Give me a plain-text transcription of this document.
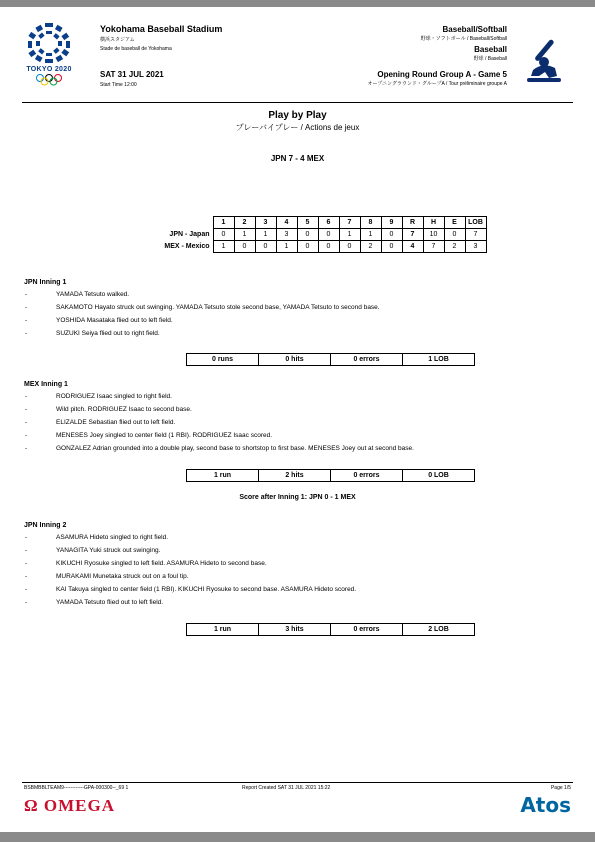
TOKYO 2020
Yokohama Baseball Stadium
横浜スタジアム
Stade de baseball de Yokohama
SAT 31 JUL 2021
Start Time 12:00
Baseball/Softball
野球・ソフトボール / Baseball/Softball
Baseball
野球 / Baseball
Opening Round Group A - Game 5
オープニングラウンド・グループA / Tour préliminaire groupe A
Play by Play
プレーバイプレー / Actions de jeux
JPN 7 - 4 MEX
	1	2	3	4	5	6	7	8	9	R	H	E	LOB
JPN - Japan	0	1	1	3	0	0	1	1	0	7	10	0	7
MEX - Mexico	1	0	0	1	0	0	0	2	0	4	7	2	3
JPN Inning 1
-	YAMADA Tetsuto walked.
-	SAKAMOTO Hayato struck out swinging. YAMADA Tetsuto stole second base, YAMADA Tetsuto to second base.
-	YOSHIDA Masataka flied out to left field.
-	SUZUKI Seiya flied out to right field.
0 runs	0 hits	0 errors	1 LOB
MEX Inning 1
-	RODRIGUEZ Isaac singled to right field.
-	Wild pitch. RODRIGUEZ Isaac to second base.
-	ELIZALDE Sebastian flied out to left field.
-	MENESES Joey singled to center field (1 RBI). RODRIGUEZ Isaac scored.
-	GONZALEZ Adrian grounded into a double play, second base to shortstop to first base. MENESES Joey out at second base.
1 run	2 hits	0 errors	0 LOB
Score after Inning 1: JPN 0 - 1 MEX
JPN Inning 2
-	ASAMURA Hideto singled to right field.
-	YANAGITA Yuki struck out swinging.
-	KIKUCHI Ryosuke singled to left field. ASAMURA Hideto to second base.
-	MURAKAMI Munetaka struck out on a foul tip.
-	KAI Takuya singled to center field (1 RBI). KIKUCHI Ryosuke to second base. ASAMURA Hideto scored.
-	YAMADA Tetsuto flied out to left field.
1 run	3 hits	0 errors	2 LOB
BSBMBBLTEAM9------------GPA-000300--_69 1	Report Created SAT 31 JUL 2021 15:22	Page 1/5
Ω OMEGA	Atos
